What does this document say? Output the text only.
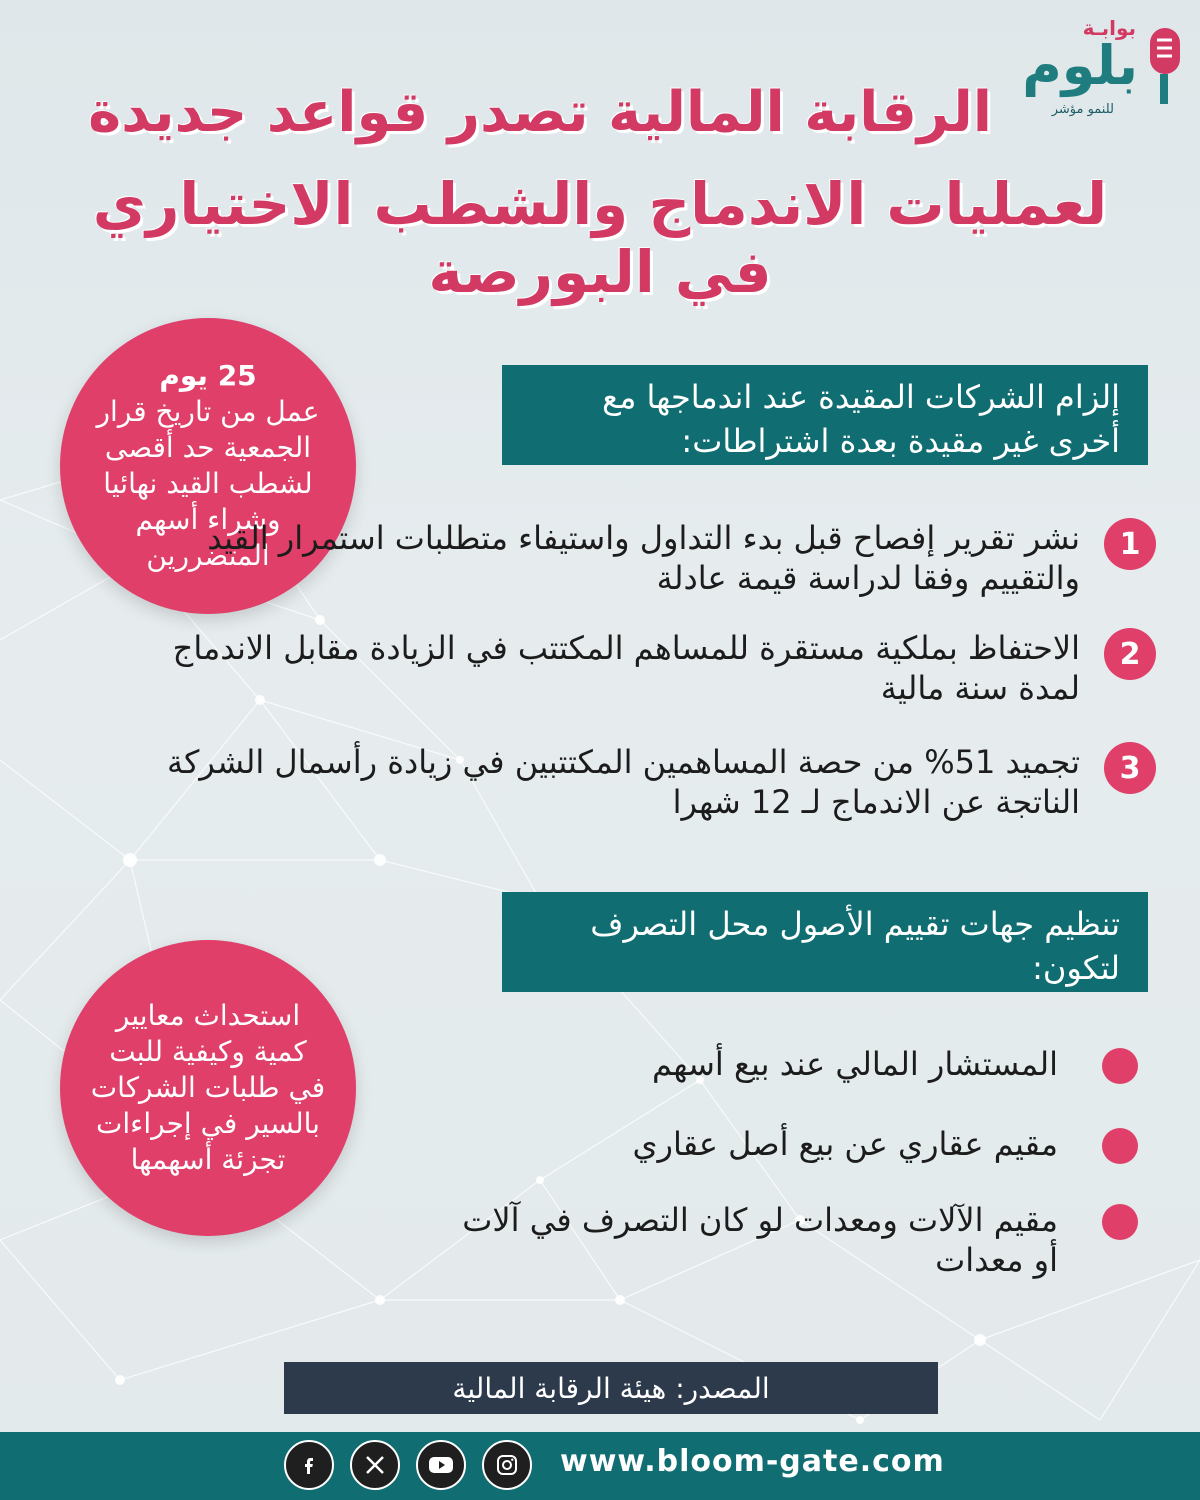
بوابـة
بلوم
للنمو مؤشر
الرقابة المالية تصدر قواعد جديدة
لعمليات الاندماج والشطب الاختياري في البورصة
25 يوم
عمل من تاريخ قرار الجمعية حد أقصى لشطب القيد نهائيا وشراء أسهم المتضررين
إلزام الشركات المقيدة عند اندماجها مع أخرى غير مقيدة بعدة اشتراطات:
1
نشر تقرير إفصاح قبل بدء التداول واستيفاء متطلبات استمرار القيد والتقييم وفقا لدراسة قيمة عادلة
2
الاحتفاظ بملكية مستقرة للمساهم المكتتب في الزيادة مقابل الاندماج لمدة سنة مالية
3
تجميد 51% من حصة المساهمين المكتتبين في زيادة رأسمال الشركة الناتجة عن الاندماج لـ 12 شهرا
تنظيم جهات تقييم الأصول محل التصرف لتكون:
المستشار المالي عند بيع أسهم
مقيم عقاري عن بيع أصل عقاري
مقيم الآلات ومعدات لو كان التصرف في آلات أو معدات
استحداث معايير كمية وكيفية للبت في طلبات الشركات بالسير في إجراءات تجزئة أسهمها
المصدر: هيئة الرقابة المالية
www.bloom-gate.com
